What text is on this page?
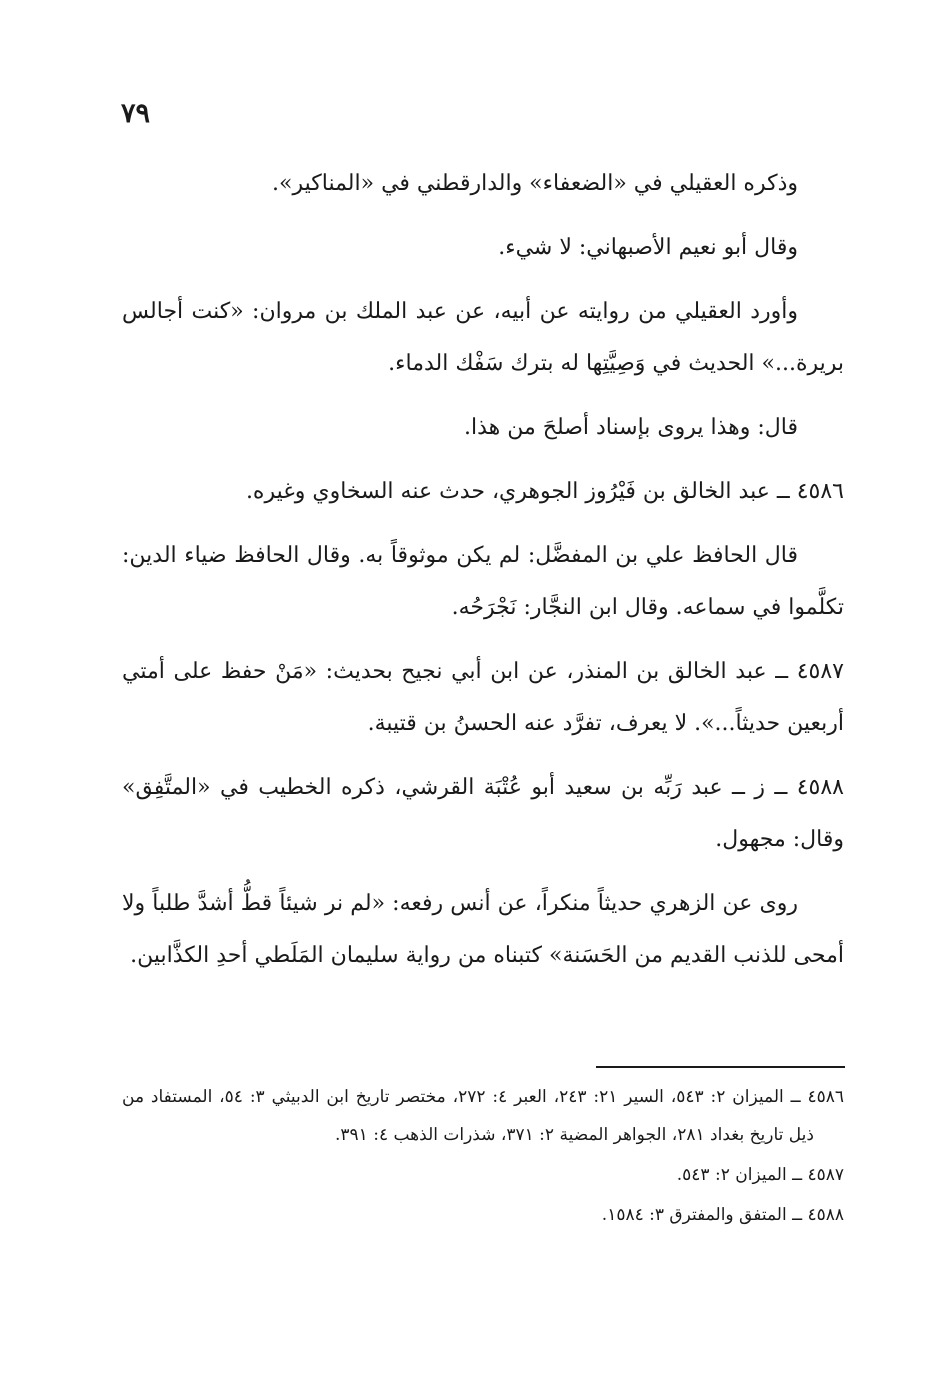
٧٩

وذكره العقيلي في «الضعفاء» والدارقطني في «المناكير».

وقال أبو نعيم الأصبهاني: لا شيء.

وأورد العقيلي من روايته عن أبيه، عن عبد الملك بن مروان: «كنت أجالس بريرة...» الحديث في وَصِيَّتِها له بترك سَفْك الدماء.

قال: وهذا يروى بإسناد أصلحَ من هذا.

٤٥٨٦ ــ عبد الخالق بن فَيْرُوز الجوهري، حدث عنه السخاوي وغيره.

قال الحافظ علي بن المفضَّل: لم يكن موثوقاً به. وقال الحافظ ضياء الدين: تكلَّموا في سماعه. وقال ابن النجَّار: نَجْرَحُه.

٤٥٨٧ ــ عبد الخالق بن المنذر، عن ابن أبي نجيح بحديث: «مَنْ حفظ على أمتي أربعين حديثاً...». لا يعرف، تفرَّد عنه الحسنُ بن قتيبة.

٤٥٨٨ ــ ز ــ عبد رَبِّه بن سعيد أبو عُتْبَة القرشي، ذكره الخطيب في «المتَّفِق» وقال: مجهول.

روى عن الزهري حديثاً منكراً، عن أنس رفعه: «لم نر شيئاً قطُّ أشدَّ طلباً ولا أمحى للذنب القديم من الحَسَنة» كتبناه من رواية سليمان المَلَطي أحدِ الكذَّابين.

٤٥٨٦ ــ الميزان ٢: ٥٤٣، السير ٢١: ٢٤٣، العبر ٤: ٢٧٢، مختصر تاريخ ابن الدبيثي ٣: ٥٤، المستفاد من ذيل تاريخ بغداد ٢٨١، الجواهر المضية ٢: ٣٧١، شذرات الذهب ٤: ٣٩١.

٤٥٨٧ ــ الميزان ٢: ٥٤٣.

٤٥٨٨ ــ المتفق والمفترق ٣: ١٥٨٤.
